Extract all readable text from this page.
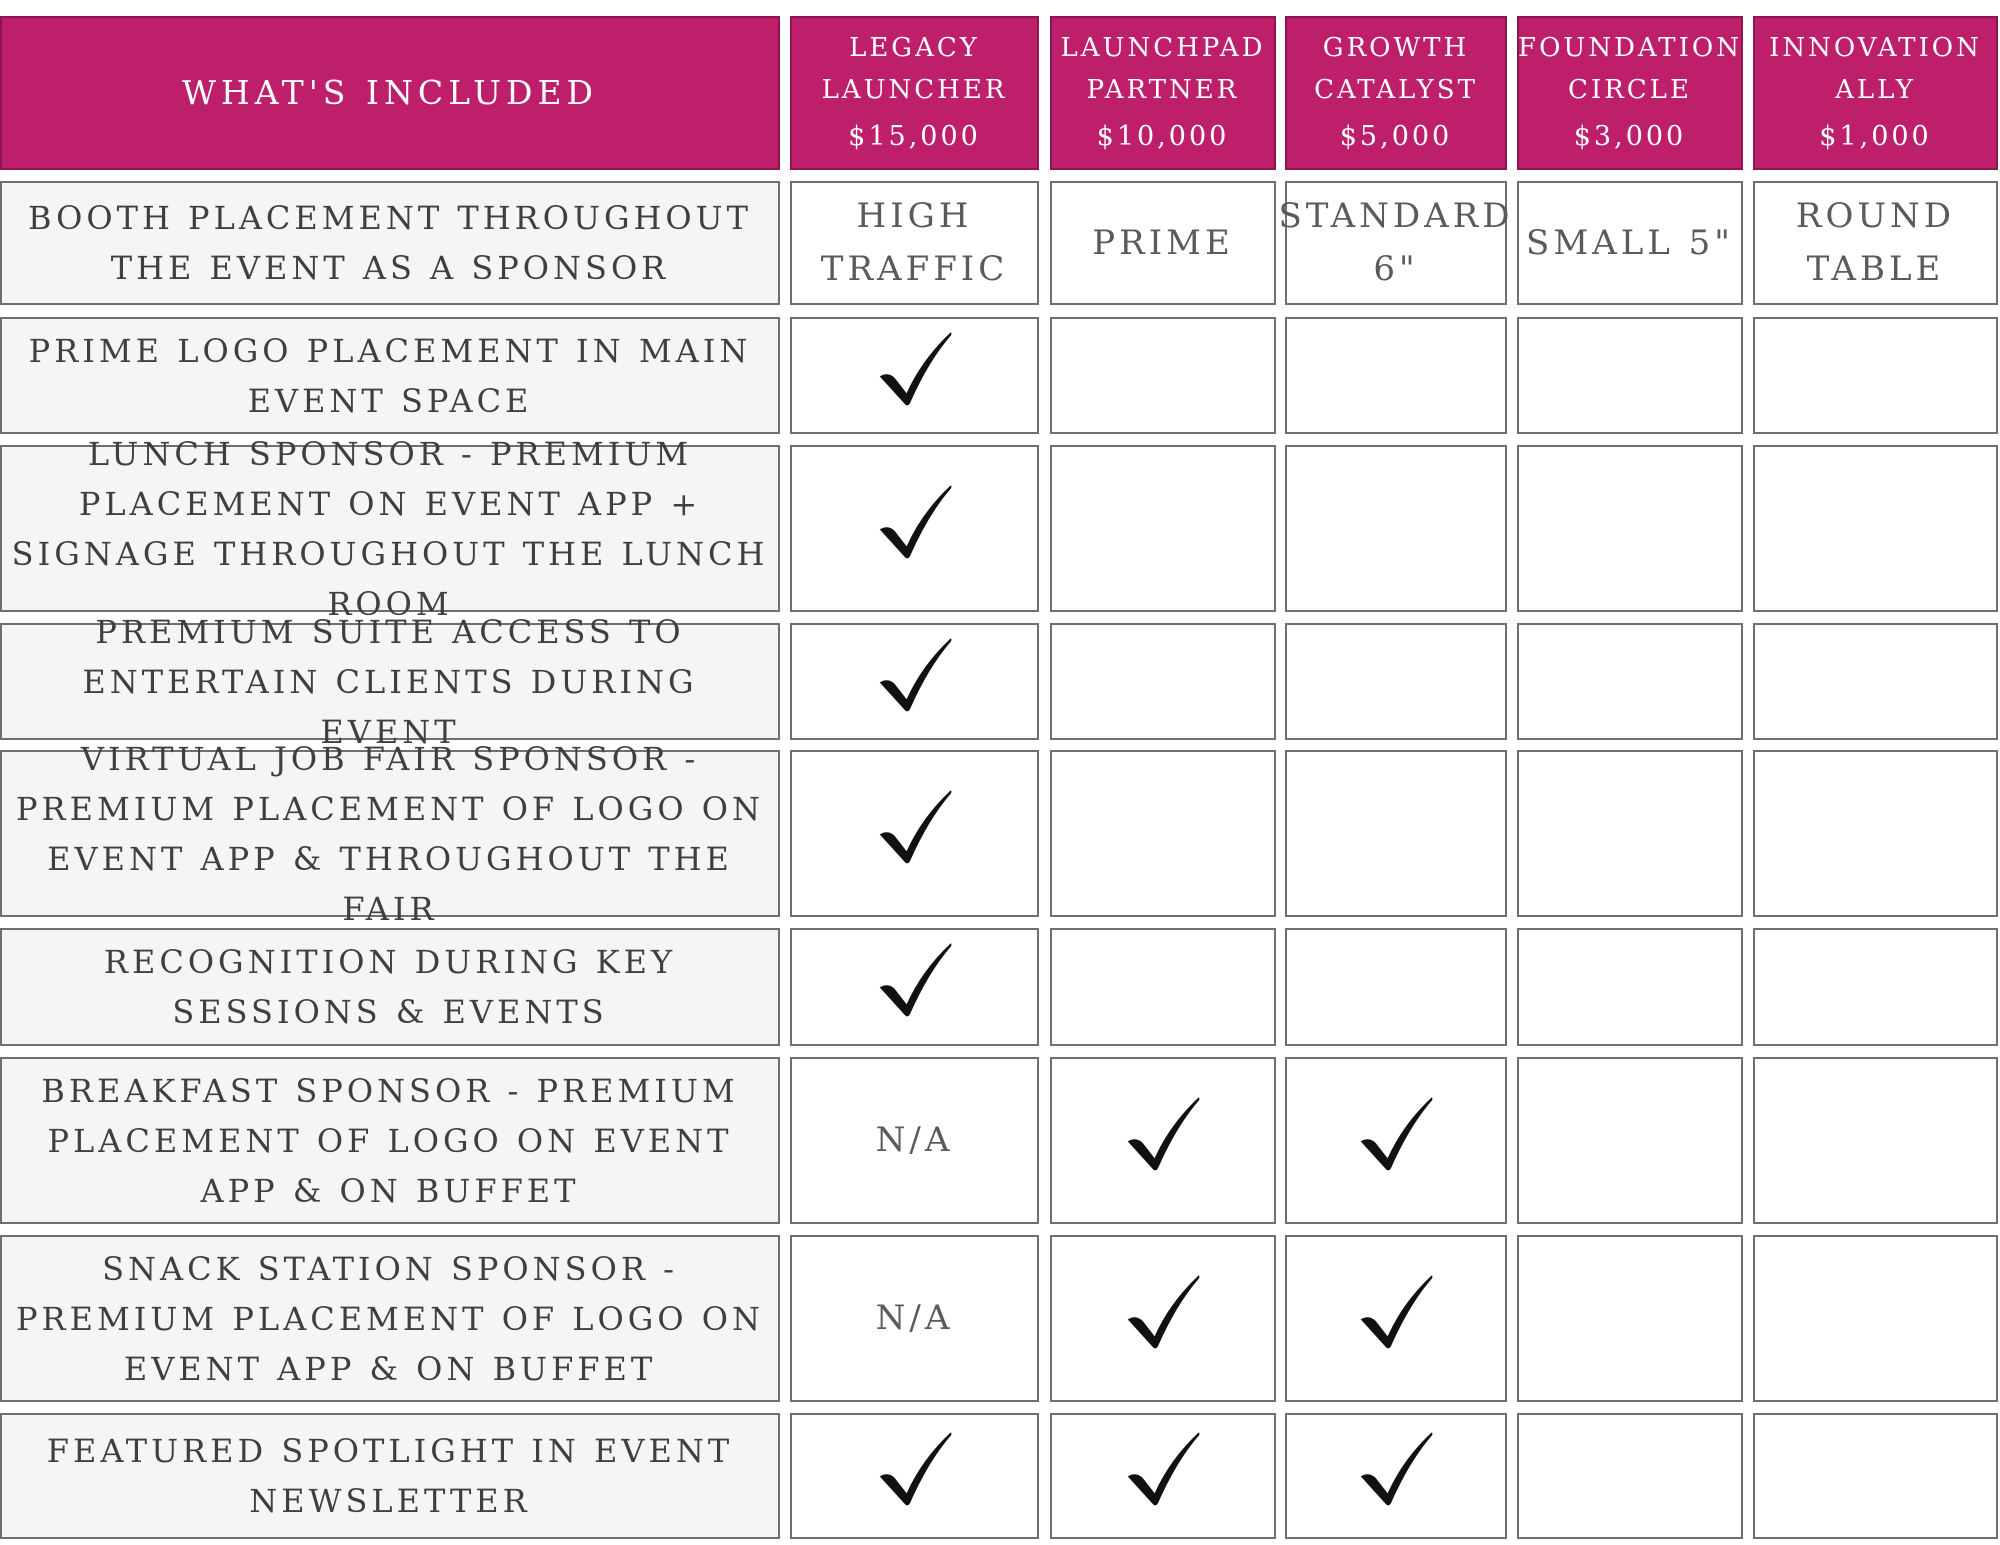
WHAT'S INCLUDED
LEGACY LAUNCHER
$15,000
LAUNCHPAD PARTNER
$10,000
GROWTH CATALYST
$5,000
FOUNDATION CIRCLE
$3,000
INNOVATION ALLY
$1,000
BOOTH PLACEMENT THROUGHOUT THE EVENT AS A SPONSOR
HIGH TRAFFIC
PRIME
STANDARD 6"
SMALL 5"
ROUND TABLE
PRIME LOGO PLACEMENT IN MAIN EVENT SPACE
LUNCH SPONSOR - PREMIUM PLACEMENT ON EVENT APP + SIGNAGE THROUGHOUT THE LUNCH ROOM
PREMIUM SUITE ACCESS TO ENTERTAIN CLIENTS DURING EVENT
VIRTUAL JOB FAIR SPONSOR - PREMIUM PLACEMENT OF LOGO ON EVENT APP & THROUGHOUT THE FAIR
RECOGNITION DURING KEY SESSIONS & EVENTS
BREAKFAST SPONSOR - PREMIUM PLACEMENT OF LOGO ON EVENT APP & ON BUFFET
N/A
SNACK STATION SPONSOR - PREMIUM PLACEMENT OF LOGO ON EVENT APP & ON BUFFET
N/A
FEATURED SPOTLIGHT IN EVENT NEWSLETTER
